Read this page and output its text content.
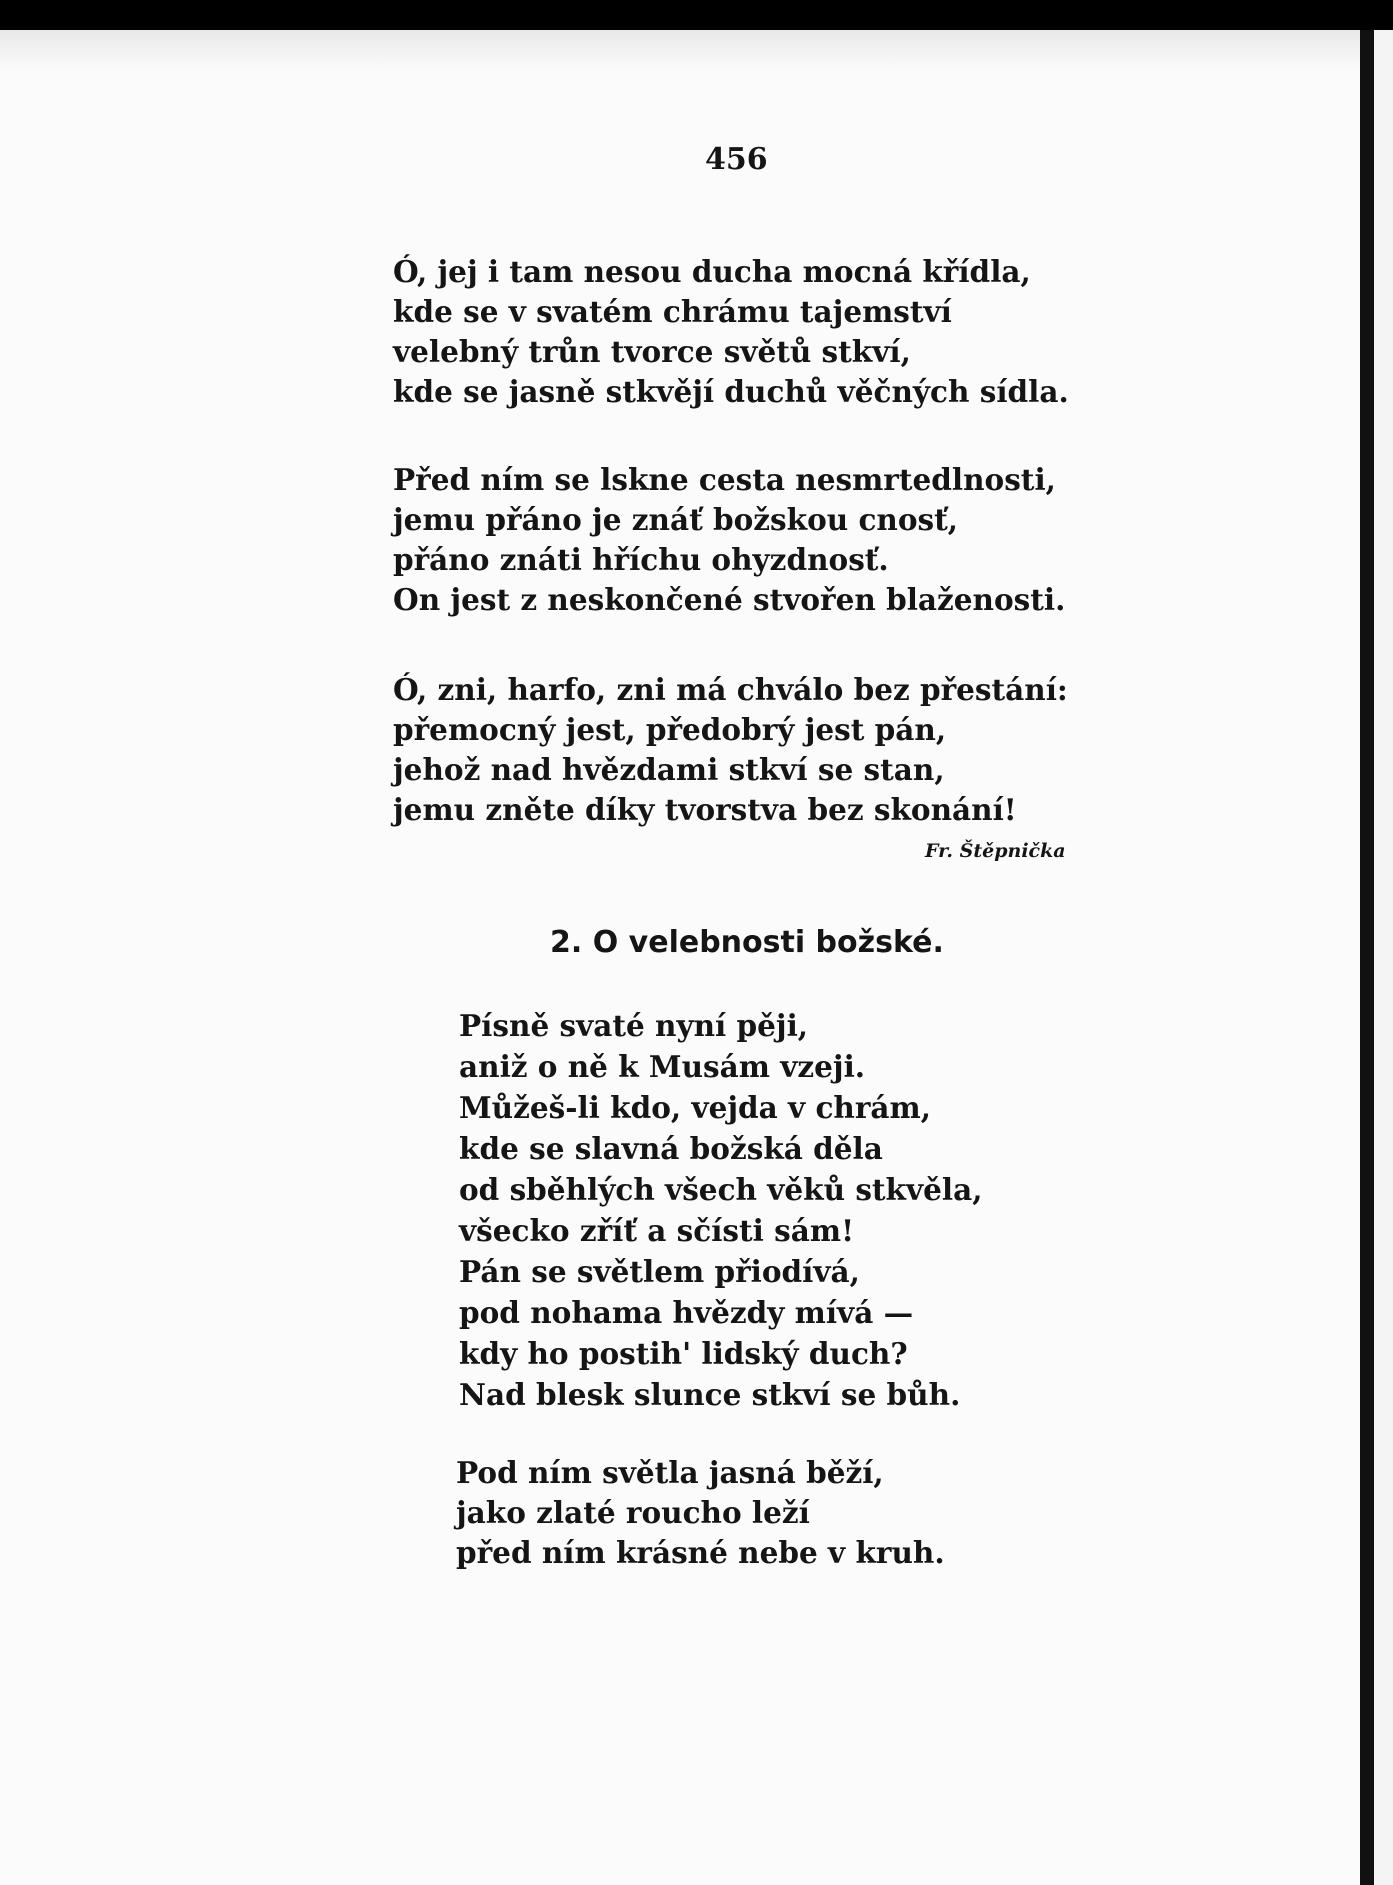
456
Ó, jej i tam nesou ducha mocná křídla,
kde se v svatém chrámu tajemství
velebný trůn tvorce světů stkví,
kde se jasně stkvějí duchů věčných sídla.
Před ním se lskne cesta nesmrtedlnosti,
jemu přáno je znáť božskou cnosť,
přáno znáti hříchu ohyzdnosť.
On jest z neskončené stvořen blaženosti.
Ó, zni, harfo, zni má chválo bez přestání:
přemocný jest, předobrý jest pán,
jehož nad hvězdami stkví se stan,
jemu zněte díky tvorstva bez skonání!
Fr. Štěpnička
2. O velebnosti božské.
Písně svaté nyní pěji,
aniž o ně k Musám vzeji.
Můžeš-li kdo, vejda v chrám,
kde se slavná božská děla
od sběhlých všech věků stkvěla,
všecko zříť a sčísti sám!
Pán se světlem přiodívá,
pod nohama hvězdy mívá —
kdy ho postih' lidský duch?
Nad blesk slunce stkví se bůh.
Pod ním světla jasná běží,
jako zlaté roucho leží
před ním krásné nebe v kruh.
